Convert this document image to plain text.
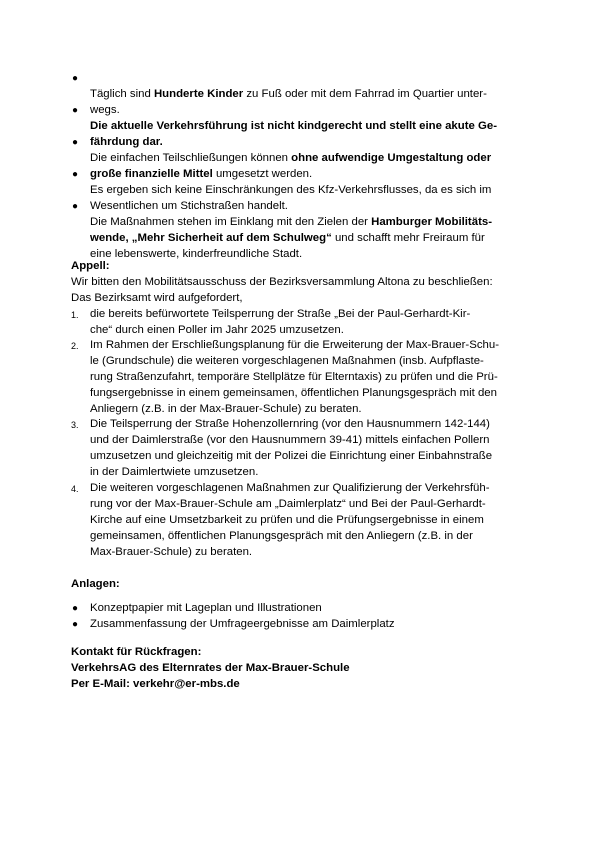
●

Täglich sind Hunderte Kinder zu Fuß oder mit dem Fahrrad im Quartier unter-
wegs.

●

Die aktuelle Verkehrsführung ist nicht kindgerecht und stellt eine akute Ge-
fährdung dar.

●

Die einfachen Teilschließungen können ohne aufwendige Umgestaltung oder
große finanzielle Mittel umgesetzt werden.

●

Es ergeben sich keine Einschränkungen des Kfz-Verkehrsflusses, da es sich im
Wesentlichen um Stichstraßen handelt.

●

Die Maßnahmen stehen im Einklang mit den Zielen der Hamburger Mobilitäts-
wende, „Mehr Sicherheit auf dem Schulweg“ und schafft mehr Freiraum für
eine lebenswerte, kinderfreundliche Stadt.

Appell:
Wir bitten den Mobilitätsausschuss der Bezirksversammlung Altona zu beschließen:
Das Bezirksamt wird aufgefordert,
1. die bereits befürwortete Teilsperrung der Straße „Bei der Paul-Gerhardt-Kir-
che“ durch einen Poller im Jahr 2025 umzusetzen.
2. Im Rahmen der Erschließungsplanung für die Erweiterung der Max-Brauer-Schu-
le (Grundschule) die weiteren vorgeschlagenen Maßnahmen (insb. Aufpflaste-
rung Straßenzufahrt, temporäre Stellplätze für Elterntaxis) zu prüfen und die Prü-
fungsergebnisse in einem gemeinsamen, öffentlichen Planungsgespräch mit den
Anliegern (z.B. in der Max-Brauer-Schule) zu beraten.
3. Die Teilsperrung der Straße Hohenzollernring (vor den Hausnummern 142-144)
und der Daimlerstraße (vor den Hausnummern 39-41) mittels einfachen Pollern
umzusetzen und gleichzeitig mit der Polizei die Einrichtung einer Einbahnstraße
in der Daimlertwiete umzusetzen.
4. Die weiteren vorgeschlagenen Maßnahmen zur Qualifizierung der Verkehrsfüh-
rung vor der Max-Brauer-Schule am „Daimlerplatz“ und Bei der Paul-Gerhardt-
Kirche auf eine Umsetzbarkeit zu prüfen und die Prüfungsergebnisse in einem
gemeinsamen, öffentlichen Planungsgespräch mit den Anliegern (z.B. in der
Max-Brauer-Schule) zu beraten.
Anlagen:
● Konzeptpapier mit Lageplan und Illustrationen
● Zusammenfassung der Umfrageergebnisse am Daimlerplatz
Kontakt für Rückfragen:
VerkehrsAG des Elternrates der Max-Brauer-Schule
Per E-Mail: verkehr@er-mbs.de
